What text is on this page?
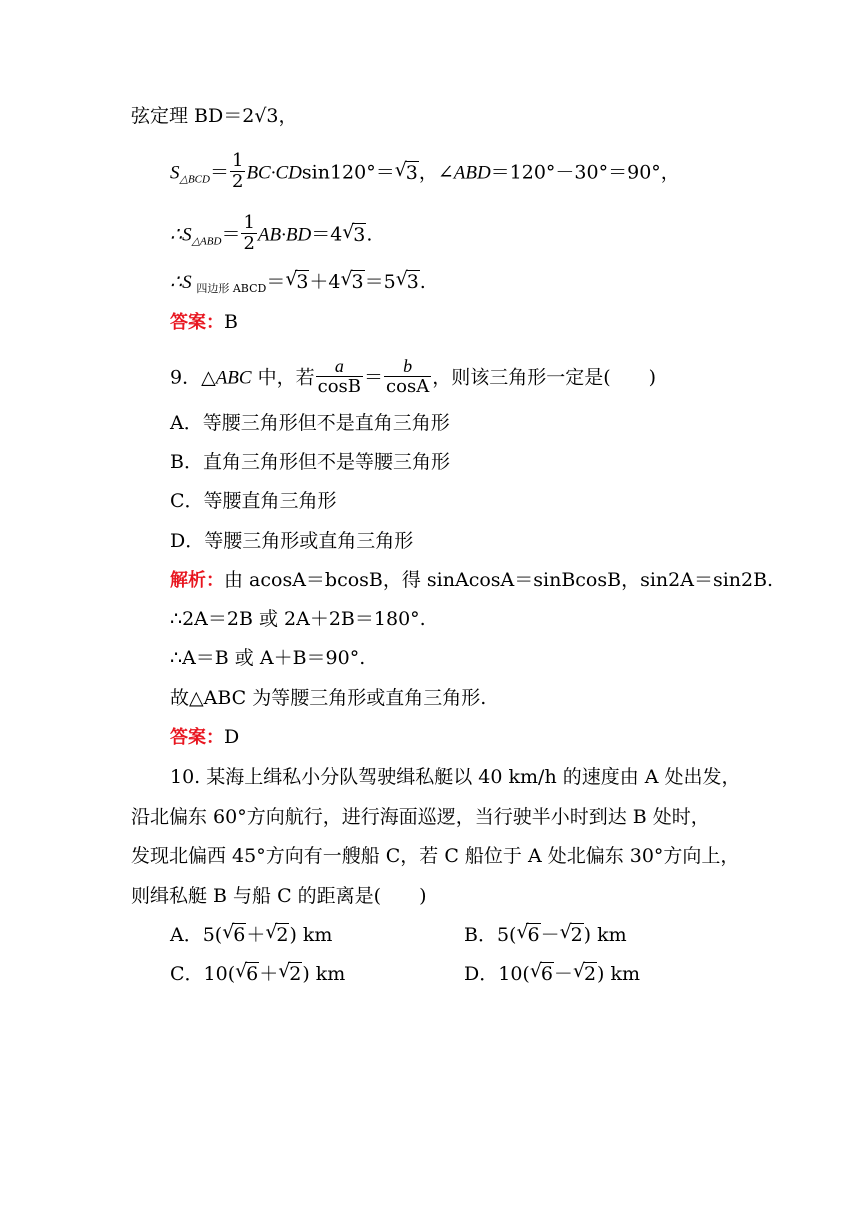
弦定理 BD＝2√3，
$S_{\triangle BCD}= \frac{1}{2} BC\cdot CDsin120^\circ=$ √
3，∠ABD＝120°－30°＝90°，
$\therefore S_{\triangle ABD}= \frac{1}{2} AB\cdot BD=4$ √
3.
∴S $_{四边形 ABCD}$＝ √
3＋4 √
3＝5 √
3.
答案：B
9．△ABC 中，若 $\frac{a}{\cos B} = \frac{b}{\cos A}$ ，则该三角形一定是(　　)
A．等腰三角形但不是直角三角形
B．直角三角形但不是等腰三角形
C．等腰直角三角形
D．等腰三角形或直角三角形
解析：由 acosA＝bcosB，得 sinAcosA＝sinBcosB，sin2A＝sin2B.
∴2A＝2B 或 2A＋2B＝180°.
∴A＝B 或 A＋B＝90°.
故△ABC 为等腰三角形或直角三角形.
答案：D
10. 某海上缉私小分队驾驶缉私艇以 40 km/h 的速度由 A 处出发，
沿北偏东 60°方向航行，进行海面巡逻，当行驶半小时到达 B 处时，
发现北偏西 45°方向有一艘船 C，若 C 船位于 A 处北偏东 30°方向上，
则缉私艇 B 与船 C 的距离是(　　)
A．5( √
6＋ √
2) km	B．5( √
6－ √
2) km
C．10( √
6＋ √
2) km	D．10( √
6－ √
2) km
